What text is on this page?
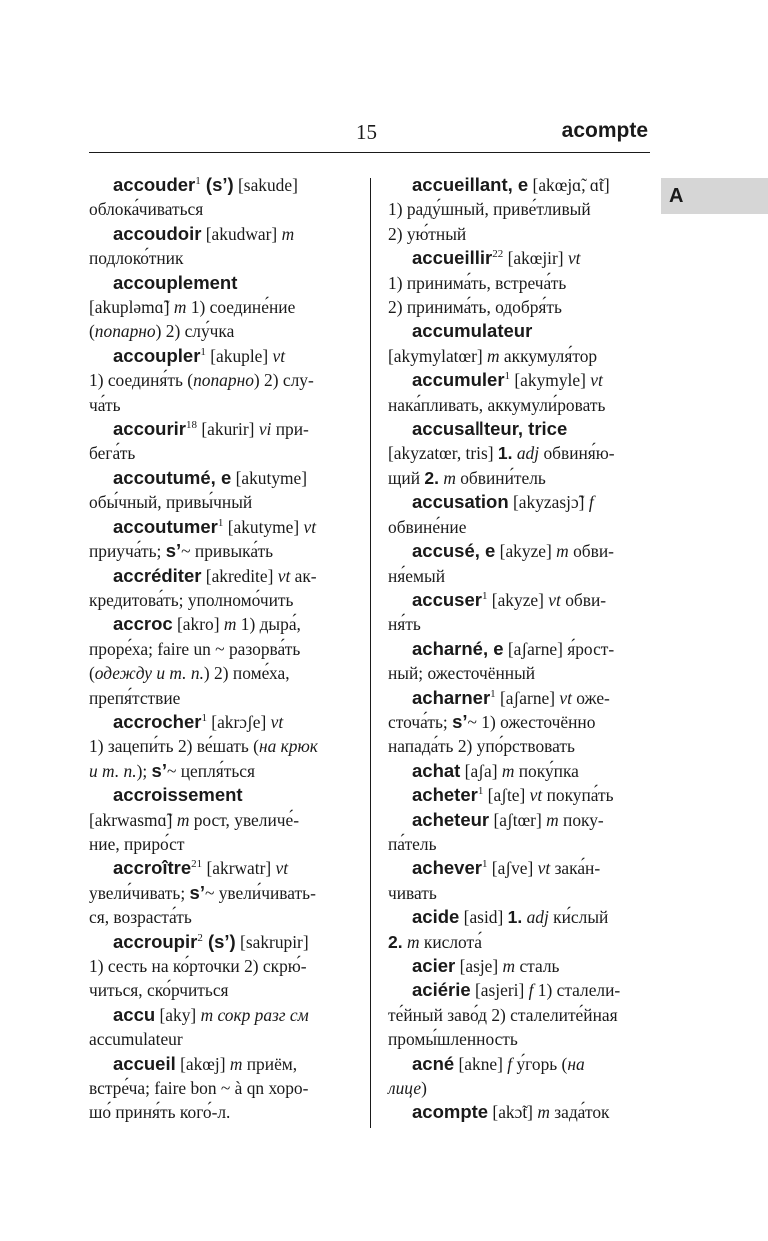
15	acompte
A

accouder$^1$ (s’) [sakude]
облока́чиваться

accoudoir [akudwar] m
подлоко́тник

accouplement
[akupləmɑ̃] m 1) соедине́ние
(попарно) 2) слу́чка

accoupler$^1$ [akuple] vt
1) соединя́ть (попарно) 2) слу-
ча́ть

accourir$^{18}$ [akurir] vi при-
бега́ть

accoutumé, e [akutyme]
обы́чный, привы́чный

accoutumer$^1$ [akutyme] vt
приуча́ть; s’~ привыка́ть

accréditer [akredite] vt ак-
кредитова́ть; уполномо́чить

accroc [akro] m 1) дыра́,
проре́ха; faire un ~ разорва́ть
(одежду и т. п.) 2) поме́ха,
препя́тствие

accrocher$^1$ [akrɔʃe] vt
1) зацепи́ть 2) ве́шать (на крюк
и т. п.); s’~ цепля́ться

accroissement
[akrwasmɑ̃] m рост, увеличе́-
ние, приро́ст

accroître$^{21}$ [akrwatr] vt
увели́чивать; s’~ увели́чивать-
ся, возраста́ть

accroupir$^2$ (s’) [sakrupir]
1) сесть на ко́рточки 2) скрю́-
читься, ско́рчиться

accu [aky] m сокр разг см
accumulateur

accueil [akœj] m приём,
встре́ча; faire bon ~ à qn хоро-
шо́ приня́ть кого́-л.

accueillant, e [akœjɑ̃, ɑ̃t]
1) раду́шный, приве́тливый
2) ую́тный

accueillir$^{22}$ [akœjir] vt
1) принима́ть, встреча́ть
2) принима́ть, одобря́ть

accumulateur
[akymylatœr] m аккумуля́тор

accumuler$^1$ [akymyle] vt
нака́пливать, аккумули́ровать

accusa‖teur, trice
[akyzatœr, tris] 1. adj обвиня́ю-
щий 2. m обвини́тель

accusation [akyzasjɔ̃] f
обвине́ние

accusé, e [akyze] m обви-
ня́емый

accuser$^1$ [akyze] vt обви-
ня́ть

acharné, e [aʃarne] я́рост-
ный; ожесточённый

acharner$^1$ [aʃarne] vt оже-
сточа́ть; s’~ 1) ожесточённо
напада́ть 2) упо́рствовать

achat [aʃa] m поку́пка

acheter$^1$ [aʃte] vt покупа́ть

acheteur [aʃtœr] m поку-
па́тель

achever$^1$ [aʃve] vt зака́н-
чивать

acide [asid] 1. adj ки́слый
2. m кислота́

acier [asje] m сталь

aciérie [asjeri] f 1) сталели-
те́йный заво́д 2) сталелите́йная
промы́шленность

acné [akne] f у́горь (на
лице)

acompte [akɔ̃t] m зада́ток
